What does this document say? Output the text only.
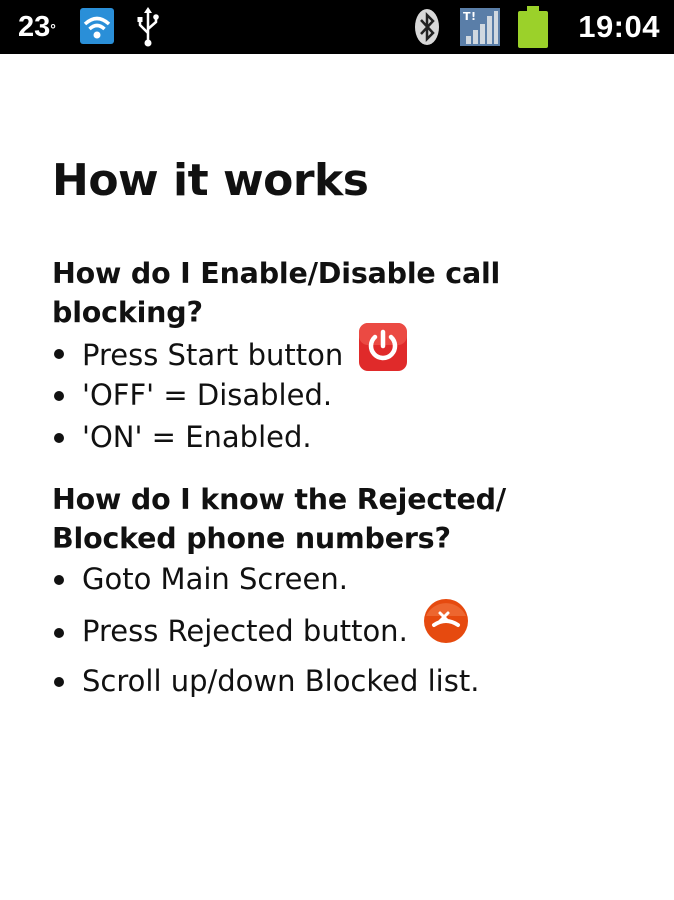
23°
T !	19:04
How it works
How do I Enable/Disable call
blocking?
Press Start button
'OFF' = Disabled.
'ON' = Enabled.
How do I know the Rejected/
Blocked phone numbers?
Goto Main Screen.
Press Rejected button.
Scroll up/down Blocked list.
